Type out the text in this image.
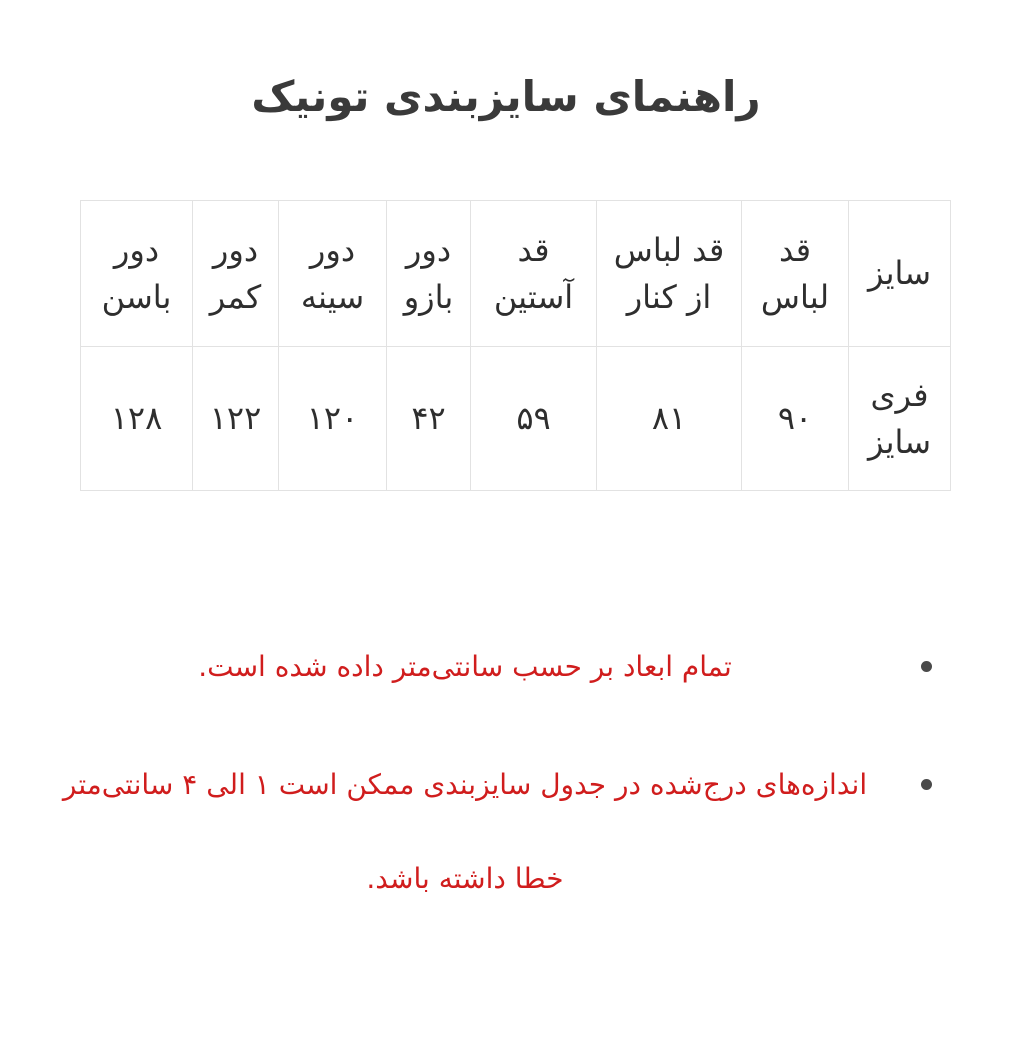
راهنمای سایزبندی تونیک
سایز	قد لباس	قد لباس از کنار	قد آستین	دور بازو	دور سینه	دور کمر	دور باسن
فری سایز	۹۰	۸۱	۵۹	۴۲	۱۲۰	۱۲۲	۱۲۸
تمام ابعاد بر حسب سانتی‌متر داده شده است.
اندازه‌های درج‌شده در جدول سایزبندی ممکن است ۱ الی ۴ سانتی‌متر خطا داشته باشد.
